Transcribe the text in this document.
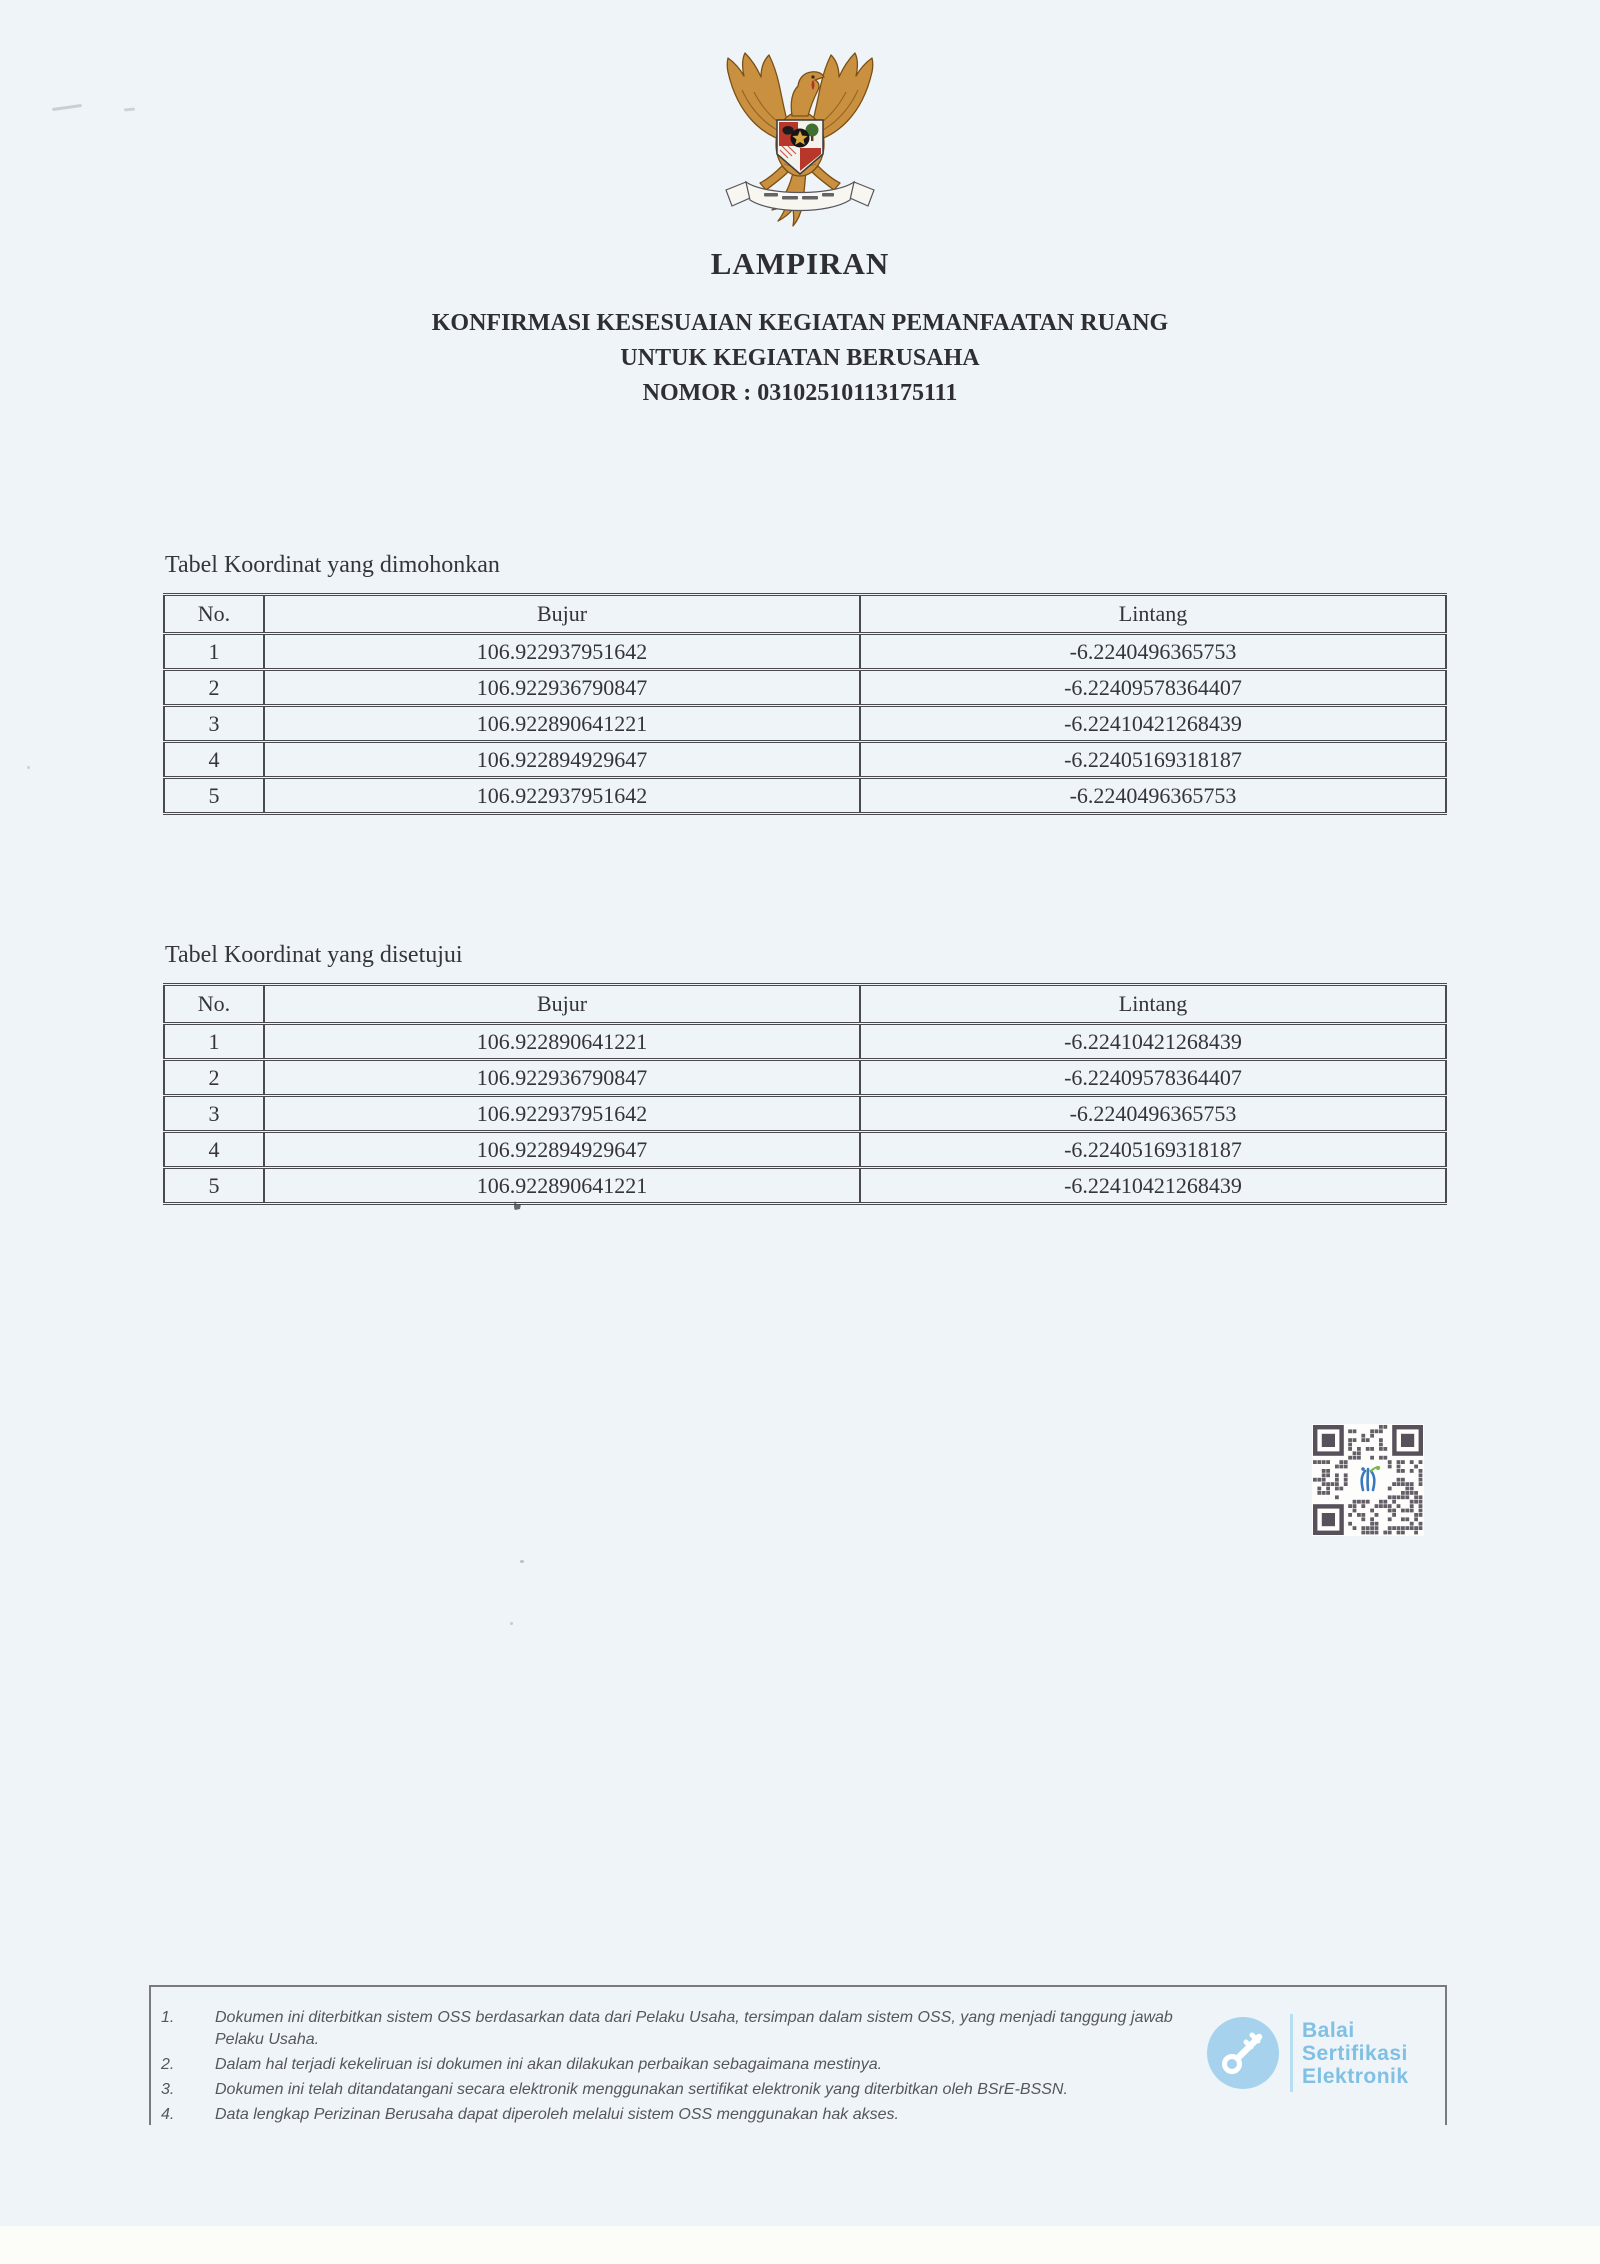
LAMPIRAN
KONFIRMASI KESESUAIAN KEGIATAN PEMANFAATAN RUANG
UNTUK KEGIATAN BERUSAHA
NOMOR : 03102510113175111
Tabel Koordinat yang dimohonkan
No.	Bujur	Lintang
1	106.922937951642	-6.2240496365753
2	106.922936790847	-6.22409578364407
3	106.922890641221	-6.22410421268439
4	106.922894929647	-6.22405169318187
5	106.922937951642	-6.2240496365753
Tabel Koordinat yang disetujui
No.	Bujur	Lintang
1	106.922890641221	-6.22410421268439
2	106.922936790847	-6.22409578364407
3	106.922937951642	-6.2240496365753
4	106.922894929647	-6.22405169318187
5	106.922890641221	-6.22410421268439
Dokumen ini diterbitkan sistem OSS berdasarkan data dari Pelaku Usaha, tersimpan dalam sistem OSS, yang menjadi tanggung jawab Pelaku Usaha.
Dalam hal terjadi kekeliruan isi dokumen ini akan dilakukan perbaikan sebagaimana mestinya.
Dokumen ini telah ditandatangani secara elektronik menggunakan sertifikat elektronik yang diterbitkan oleh BSrE-BSSN.
Data lengkap Perizinan Berusaha dapat diperoleh melalui sistem OSS menggunakan hak akses.
Balai
Sertifikasi
Elektronik
